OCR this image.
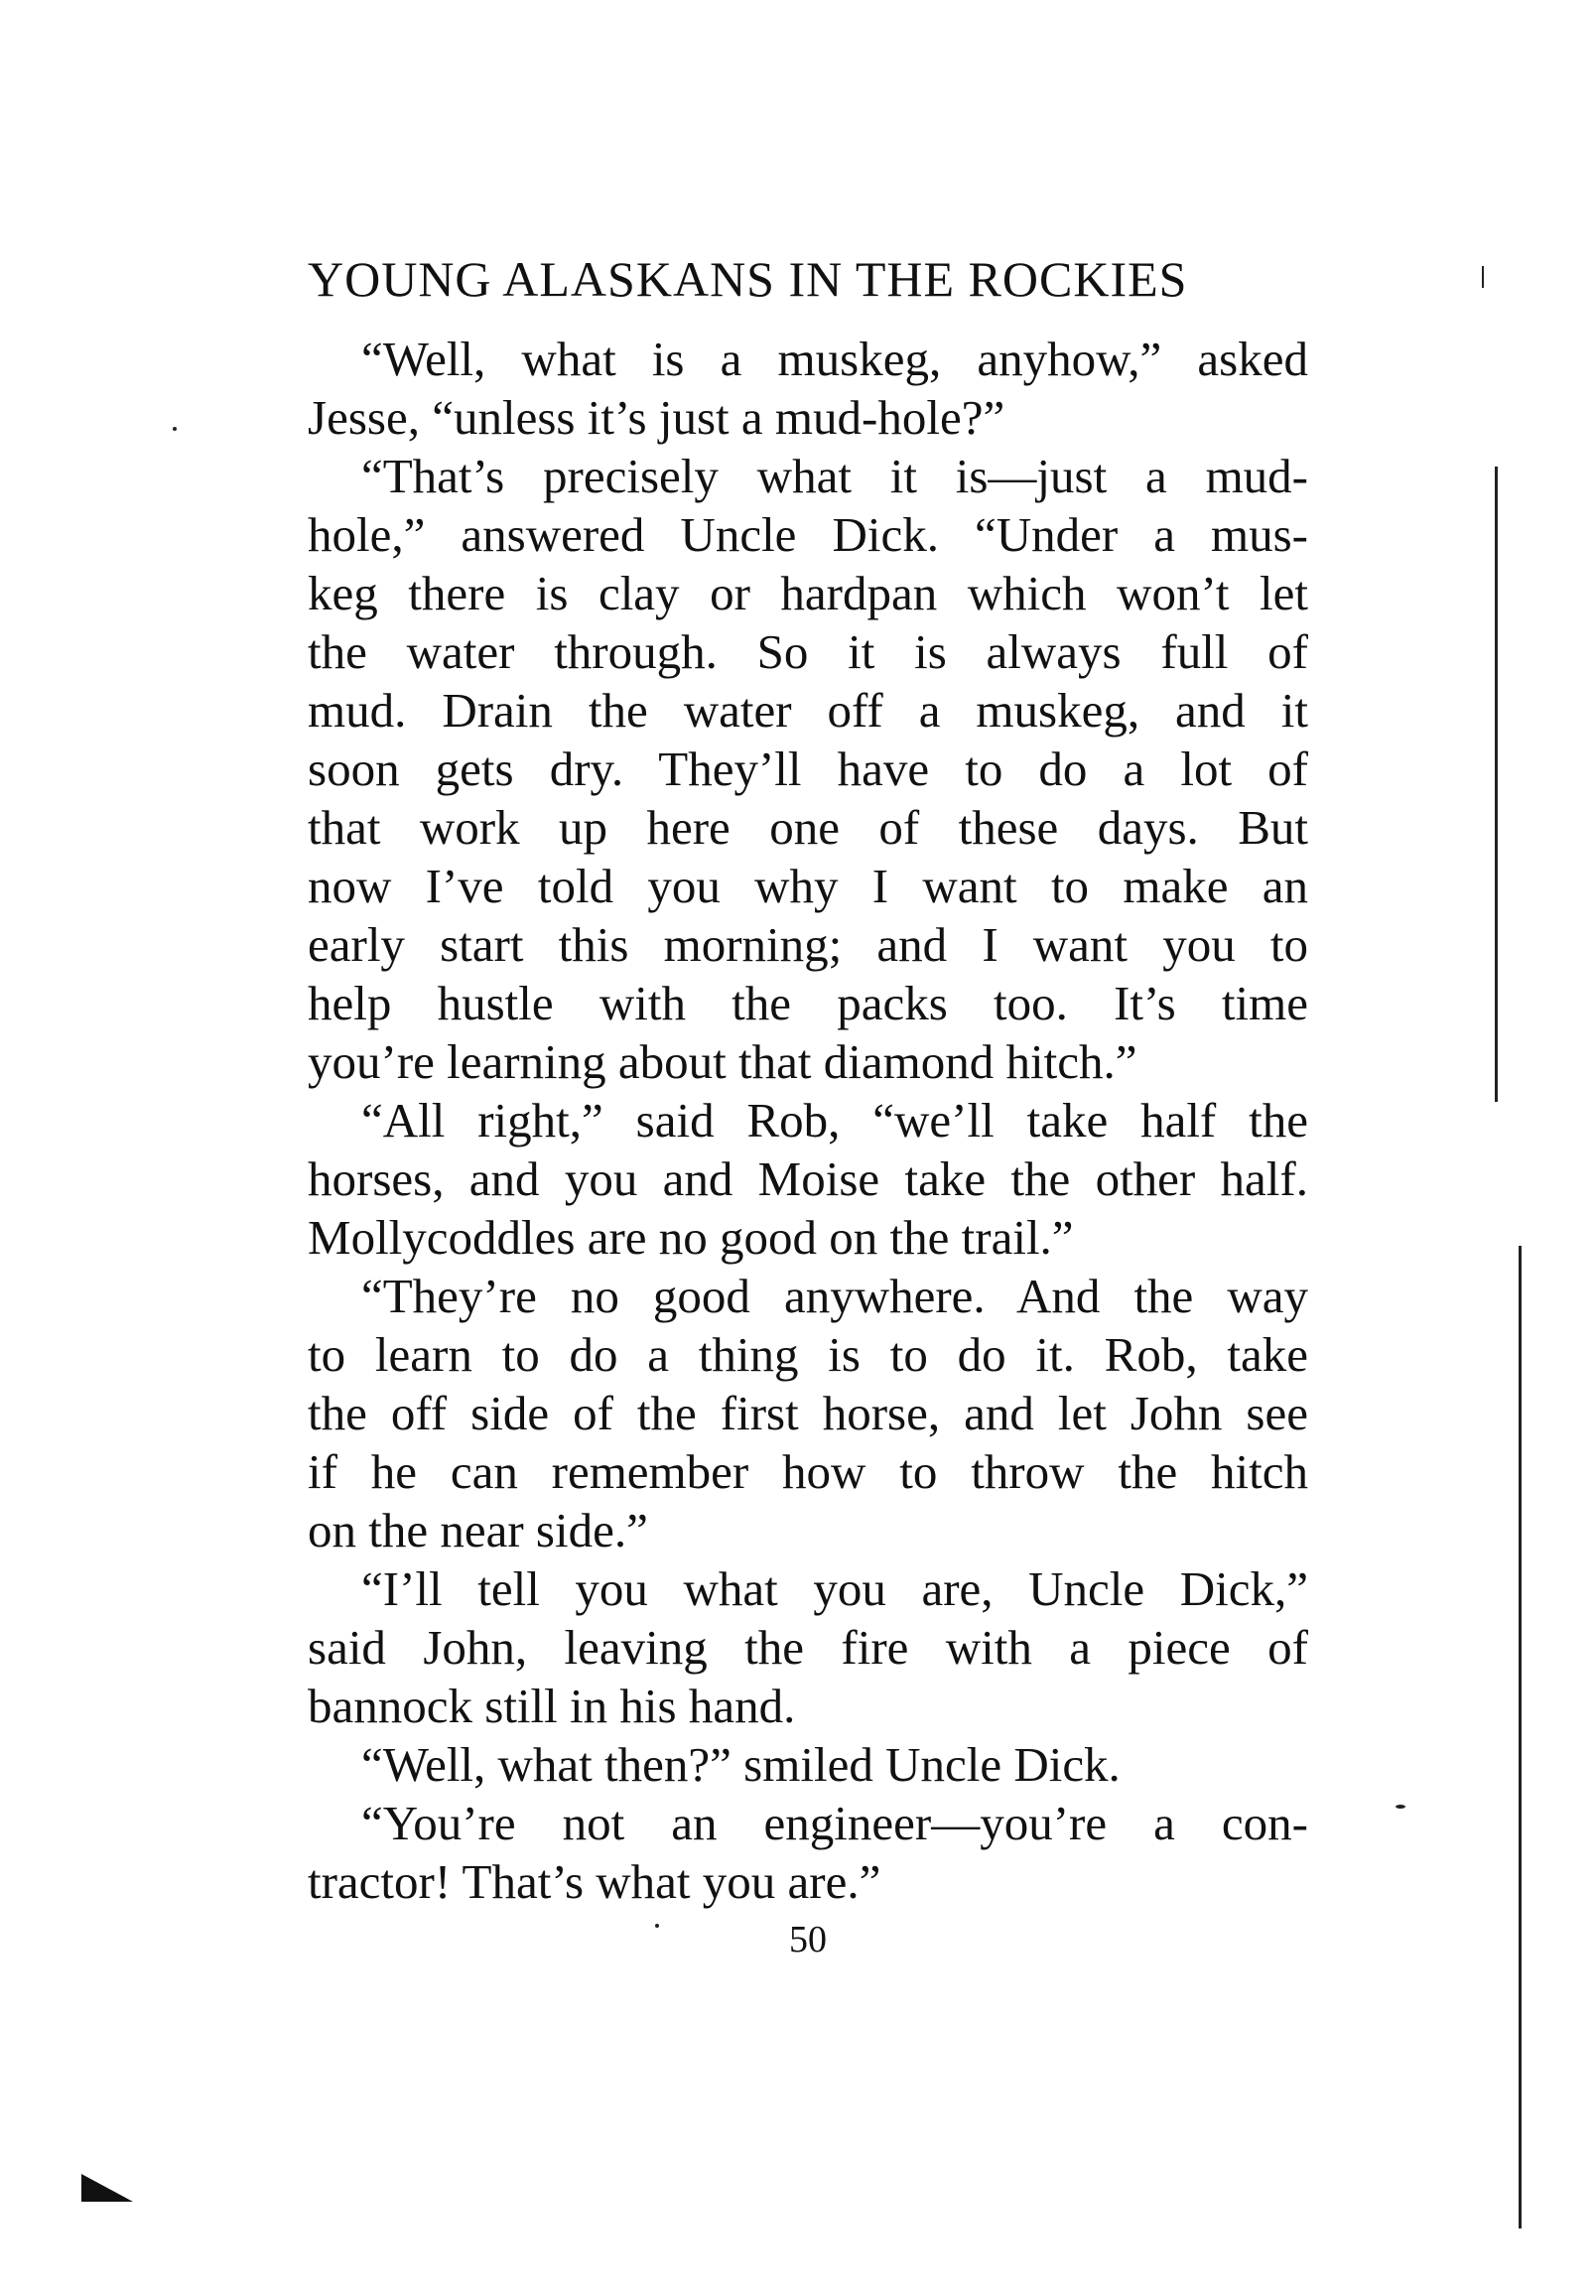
YOUNG ALASKANS IN THE ROCKIES
“Well, what is a muskeg, anyhow,” asked
Jesse, “unless it’s just a mud-hole?”
“That’s precisely what it is—just a mud-
hole,” answered Uncle Dick. “Under a mus-
keg there is clay or hardpan which won’t let
the water through. So it is always full of
mud. Drain the water off a muskeg, and it
soon gets dry. They’ll have to do a lot of
that work up here one of these days. But
now I’ve told you why I want to make an
early start this morning; and I want you to
help hustle with the packs too. It’s time
you’re learning about that diamond hitch.”
“All right,” said Rob, “we’ll take half the
horses, and you and Moise take the other half.
Mollycoddles are no good on the trail.”
“They’re no good anywhere. And the way
to learn to do a thing is to do it. Rob, take
the off side of the first horse, and let John see
if he can remember how to throw the hitch
on the near side.”
“I’ll tell you what you are, Uncle Dick,”
said John, leaving the fire with a piece of
bannock still in his hand.
“Well, what then?” smiled Uncle Dick.
“You’re not an engineer—you’re a con-
tractor! That’s what you are.”
50
